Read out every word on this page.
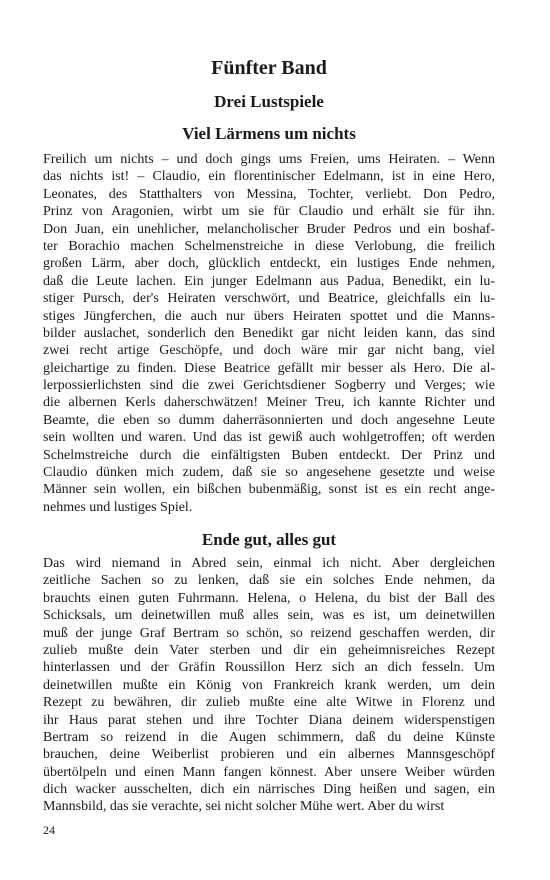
Fünfter Band
Drei Lustspiele
Viel Lärmens um nichts
Freilich um nichts – und doch gings ums Freien, ums Heiraten. – Wenn
das nichts ist! – Claudio, ein florentinischer Edelmann, ist in eine Hero,
Leonates, des Statthalters von Messina, Tochter, verliebt. Don Pedro,
Prinz von Aragonien, wirbt um sie für Claudio und erhält sie für ihn.
Don Juan, ein unehlicher, melancholischer Bruder Pedros und ein boshaf-
ter Borachio machen Schelmenstreiche in diese Verlobung, die freilich
großen Lärm, aber doch, glücklich entdeckt, ein lustiges Ende nehmen,
daß die Leute lachen. Ein junger Edelmann aus Padua, Benedikt, ein lu-
stiger Pursch, der's Heiraten verschwört, und Beatrice, gleichfalls ein lu-
stiges Jüngferchen, die auch nur übers Heiraten spottet und die Manns-
bilder auslachet, sonderlich den Benedikt gar nicht leiden kann, das sind
zwei recht artige Geschöpfe, und doch wäre mir gar nicht bang, viel
gleichartige zu finden. Diese Beatrice gefällt mir besser als Hero. Die al-
lerpossierlichsten sind die zwei Gerichtsdiener Sogberry und Verges; wie
die albernen Kerls daherschwätzen! Meiner Treu, ich kannte Richter und
Beamte, die eben so dumm daherräsonnierten und doch angesehne Leute
sein wollten und waren. Und das ist gewiß auch wohlgetroffen; oft werden
Schelmstreiche durch die einfältigsten Buben entdeckt. Der Prinz und
Claudio dünken mich zudem, daß sie so angesehene gesetzte und weise
Männer sein wollen, ein bißchen bubenmäßig, sonst ist es ein recht ange-
nehmes und lustiges Spiel.
Ende gut, alles gut
Das wird niemand in Abred sein, einmal ich nicht. Aber dergleichen
zeitliche Sachen so zu lenken, daß sie ein solches Ende nehmen, da
brauchts einen guten Fuhrmann. Helena, o Helena, du bist der Ball des
Schicksals, um deinetwillen muß alles sein, was es ist, um deinetwillen
muß der junge Graf Bertram so schön, so reizend geschaffen werden, dir
zulieb mußte dein Vater sterben und dir ein geheimnisreiches Rezept
hinterlassen und der Gräfin Roussillon Herz sich an dich fesseln. Um
deinetwillen mußte ein König von Frankreich krank werden, um dein
Rezept zu bewähren, dir zulieb mußte eine alte Witwe in Florenz und
ihr Haus parat stehen und ihre Tochter Diana deinem widerspenstigen
Bertram so reizend in die Augen schimmern, daß du deine Künste
brauchen, deine Weiberlist probieren und ein albernes Mannsgeschöpf
übertölpeln und einen Mann fangen könnest. Aber unsere Weiber würden
dich wacker ausschelten, dich ein närrisches Ding heißen und sagen, ein
Mannsbild, das sie verachte, sei nicht solcher Mühe wert. Aber du wirst
24
